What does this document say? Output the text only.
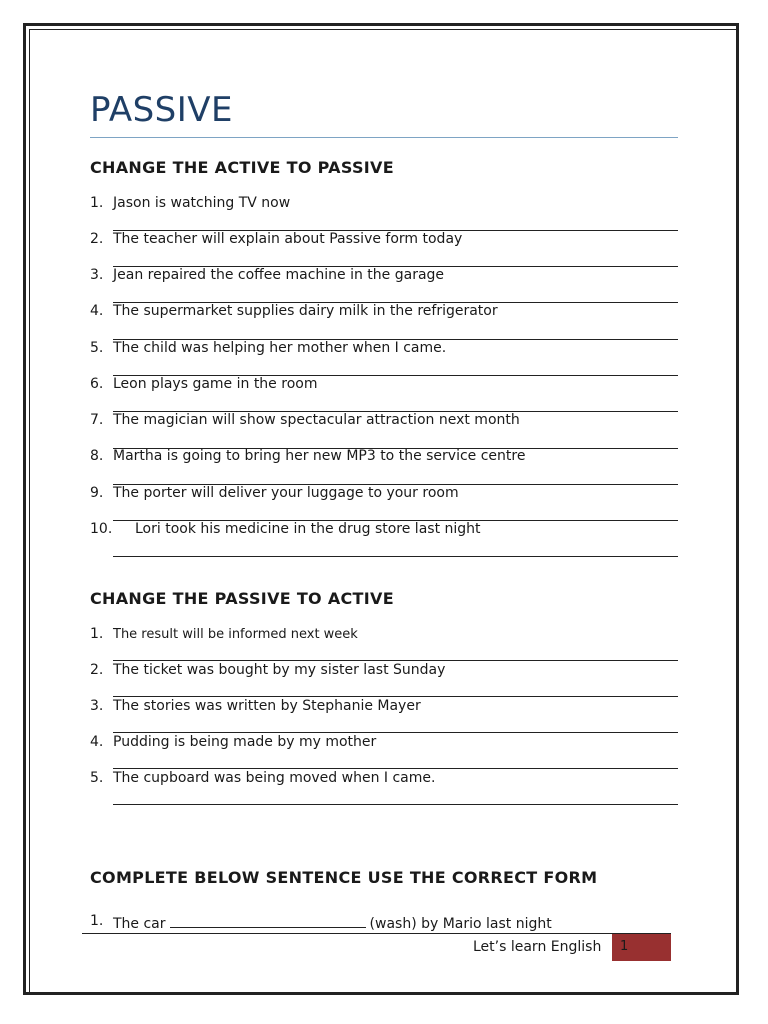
PASSIVE
CHANGE THE ACTIVE TO PASSIVE
1. Jason is watching TV now
2. The teacher will explain about Passive form today
3. Jean repaired the coffee machine in the garage
4. The supermarket supplies dairy milk in the refrigerator
5. The child was helping her mother when I came.
6. Leon plays game in the room
7. The magician will show spectacular attraction next month
8. Martha is going to bring her new MP3 to the service centre
9. The porter will deliver your luggage to your room
10. Lori took his medicine in the drug store last night
CHANGE THE PASSIVE TO ACTIVE
1. The result will be informed next week
2. The ticket was bought by my sister last Sunday
3. The stories was written by Stephanie Mayer
4. Pudding is being made by my mother
5. The cupboard was being moved when I came.
COMPLETE BELOW SENTENCE USE THE CORRECT FORM
1. The car	(wash) by Mario last night
Let’s learn English 1
